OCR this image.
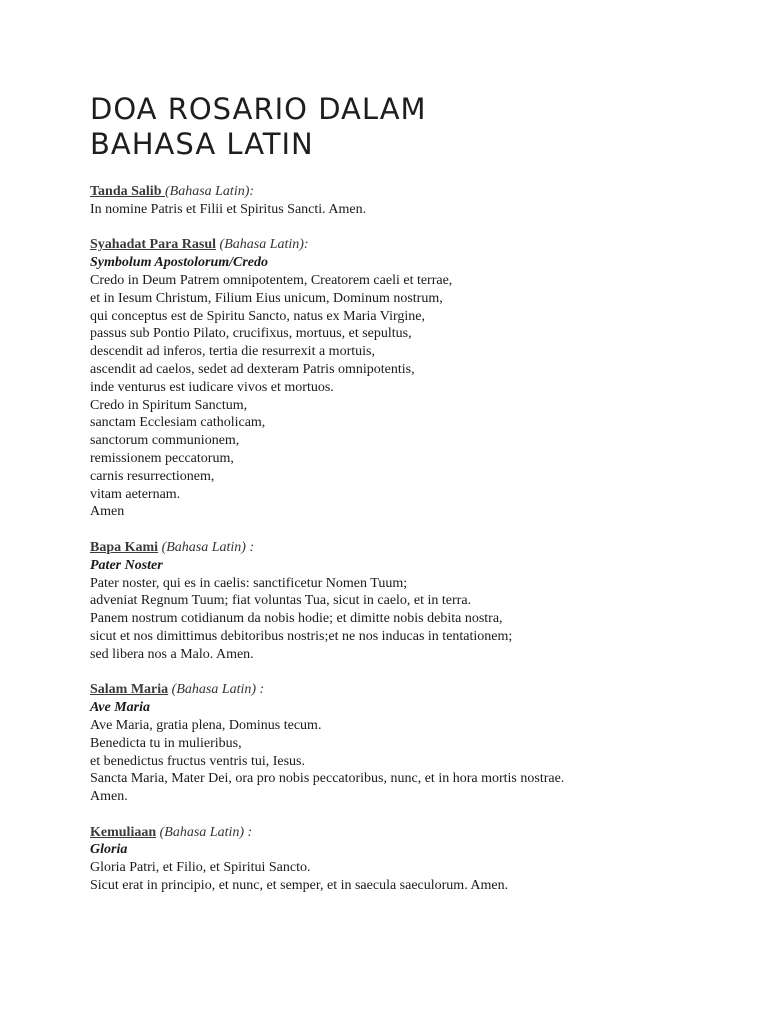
DOA ROSARIO DALAM
BAHASA LATIN
Tanda Salib (Bahasa Latin):
In nomine Patris et Filii et Spiritus Sancti. Amen.
Syahadat Para Rasul (Bahasa Latin):
Symbolum Apostolorum/Credo
Credo in Deum Patrem omnipotentem, Creatorem caeli et terrae,
et in Iesum Christum, Filium Eius unicum, Dominum nostrum,
qui conceptus est de Spiritu Sancto, natus ex Maria Virgine,
passus sub Pontio Pilato, crucifixus, mortuus, et sepultus,
descendit ad inferos, tertia die resurrexit a mortuis,
ascendit ad caelos, sedet ad dexteram Patris omnipotentis,
inde venturus est iudicare vivos et mortuos.
Credo in Spiritum Sanctum,
sanctam Ecclesiam catholicam,
sanctorum communionem,
remissionem peccatorum,
carnis resurrectionem,
vitam aeternam.
Amen
Bapa Kami (Bahasa Latin) :
Pater Noster
Pater noster, qui es in caelis: sanctificetur Nomen Tuum;
adveniat Regnum Tuum; fiat voluntas Tua, sicut in caelo, et in terra.
Panem nostrum cotidianum da nobis hodie; et dimitte nobis debita nostra,
sicut et nos dimittimus debitoribus nostris;et ne nos inducas in tentationem;
sed libera nos a Malo. Amen.
Salam Maria (Bahasa Latin) :
Ave Maria
Ave Maria, gratia plena, Dominus tecum.
Benedicta tu in mulieribus,
et benedictus fructus ventris tui, Iesus.
Sancta Maria, Mater Dei, ora pro nobis peccatoribus, nunc, et in hora mortis nostrae.
Amen.
Kemuliaan (Bahasa Latin) :
Gloria
Gloria Patri, et Filio, et Spiritui Sancto.
Sicut erat in principio, et nunc, et semper, et in saecula saeculorum. Amen.
